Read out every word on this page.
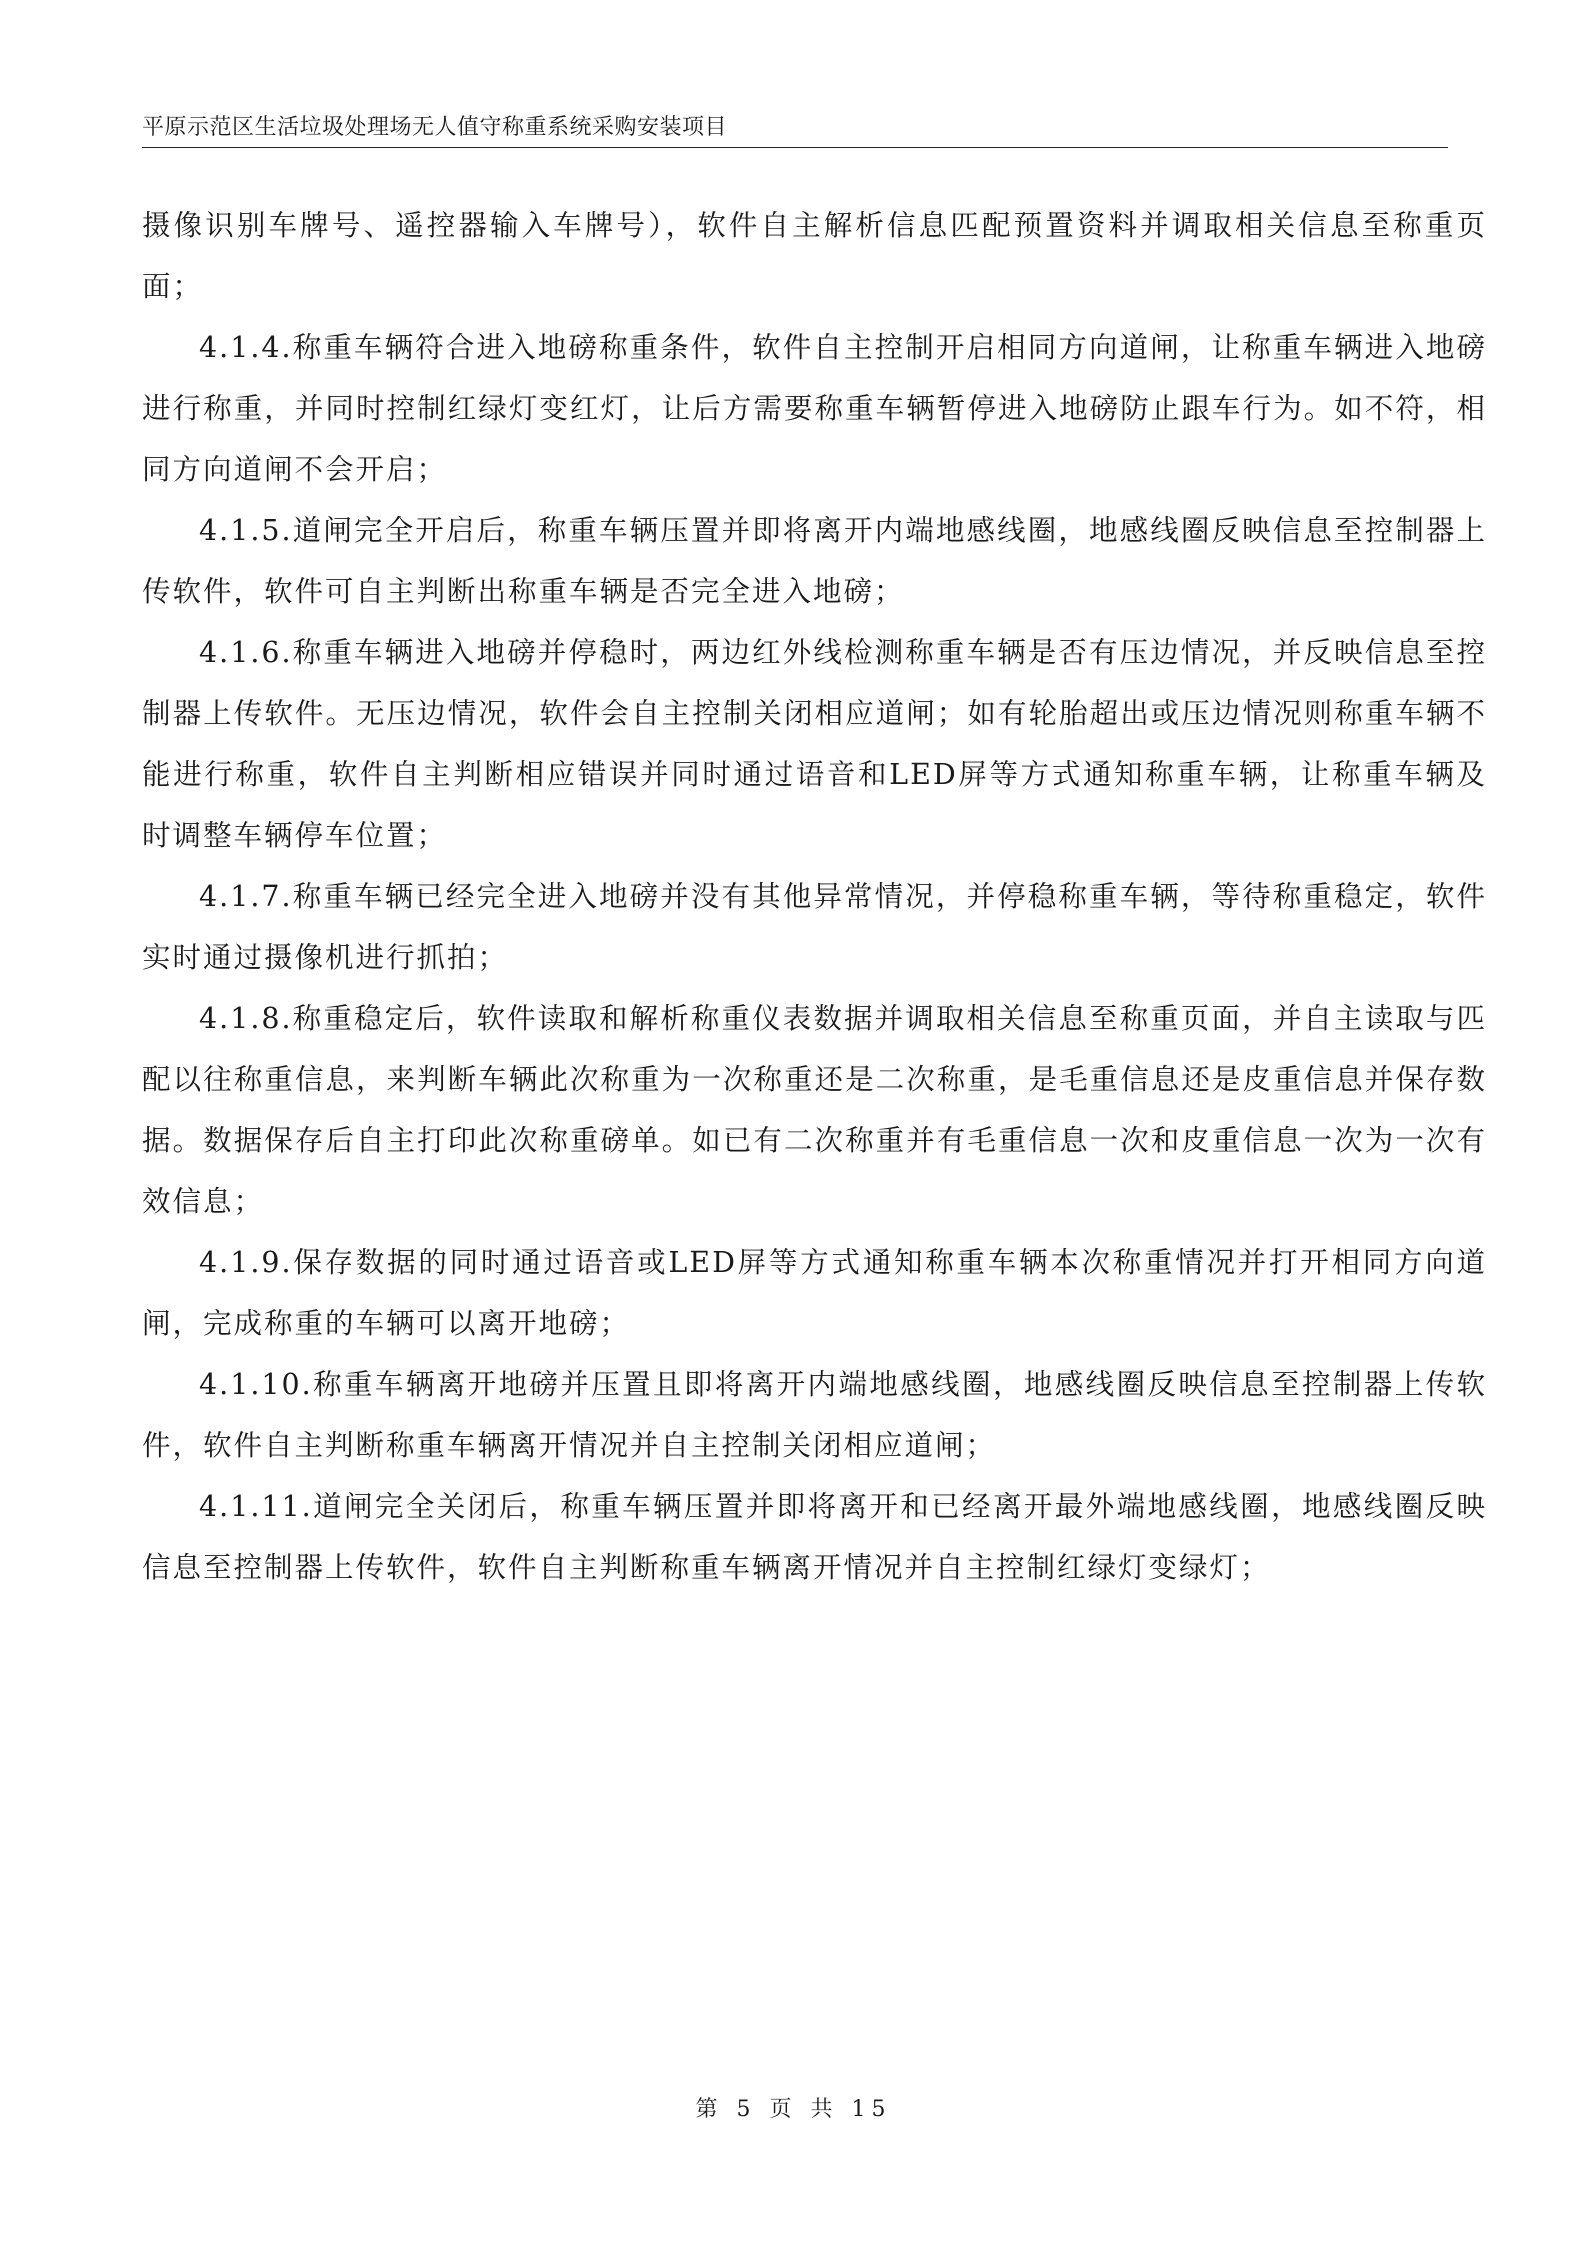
平原示范区生活垃圾处理场无人值守称重系统采购安装项目

摄像识别车牌号、遥控器输入车牌号），软件自主解析信息匹配预置资料并调取相关信息至称重页面；

4.1.4.称重车辆符合进入地磅称重条件，软件自主控制开启相同方向道闸，让称重车辆进入地磅进行称重，并同时控制红绿灯变红灯，让后方需要称重车辆暂停进入地磅防止跟车行为。如不符，相同方向道闸不会开启；

4.1.5.道闸完全开启后，称重车辆压置并即将离开内端地感线圈，地感线圈反映信息至控制器上传软件，软件可自主判断出称重车辆是否完全进入地磅；

4.1.6.称重车辆进入地磅并停稳时，两边红外线检测称重车辆是否有压边情况，并反映信息至控制器上传软件。无压边情况，软件会自主控制关闭相应道闸；如有轮胎超出或压边情况则称重车辆不能进行称重，软件自主判断相应错误并同时通过语音和LED屏等方式通知称重车辆，让称重车辆及时调整车辆停车位置；

4.1.7.称重车辆已经完全进入地磅并没有其他异常情况，并停稳称重车辆，等待称重稳定，软件实时通过摄像机进行抓拍；

4.1.8.称重稳定后，软件读取和解析称重仪表数据并调取相关信息至称重页面，并自主读取与匹配以往称重信息，来判断车辆此次称重为一次称重还是二次称重，是毛重信息还是皮重信息并保存数据。数据保存后自主打印此次称重磅单。如已有二次称重并有毛重信息一次和皮重信息一次为一次有效信息；

4.1.9.保存数据的同时通过语音或LED屏等方式通知称重车辆本次称重情况并打开相同方向道闸，完成称重的车辆可以离开地磅；

4.1.10.称重车辆离开地磅并压置且即将离开内端地感线圈，地感线圈反映信息至控制器上传软件，软件自主判断称重车辆离开情况并自主控制关闭相应道闸；

4.1.11.道闸完全关闭后，称重车辆压置并即将离开和已经离开最外端地感线圈，地感线圈反映信息至控制器上传软件，软件自主判断称重车辆离开情况并自主控制红绿灯变绿灯；

第 5 页 共 15
